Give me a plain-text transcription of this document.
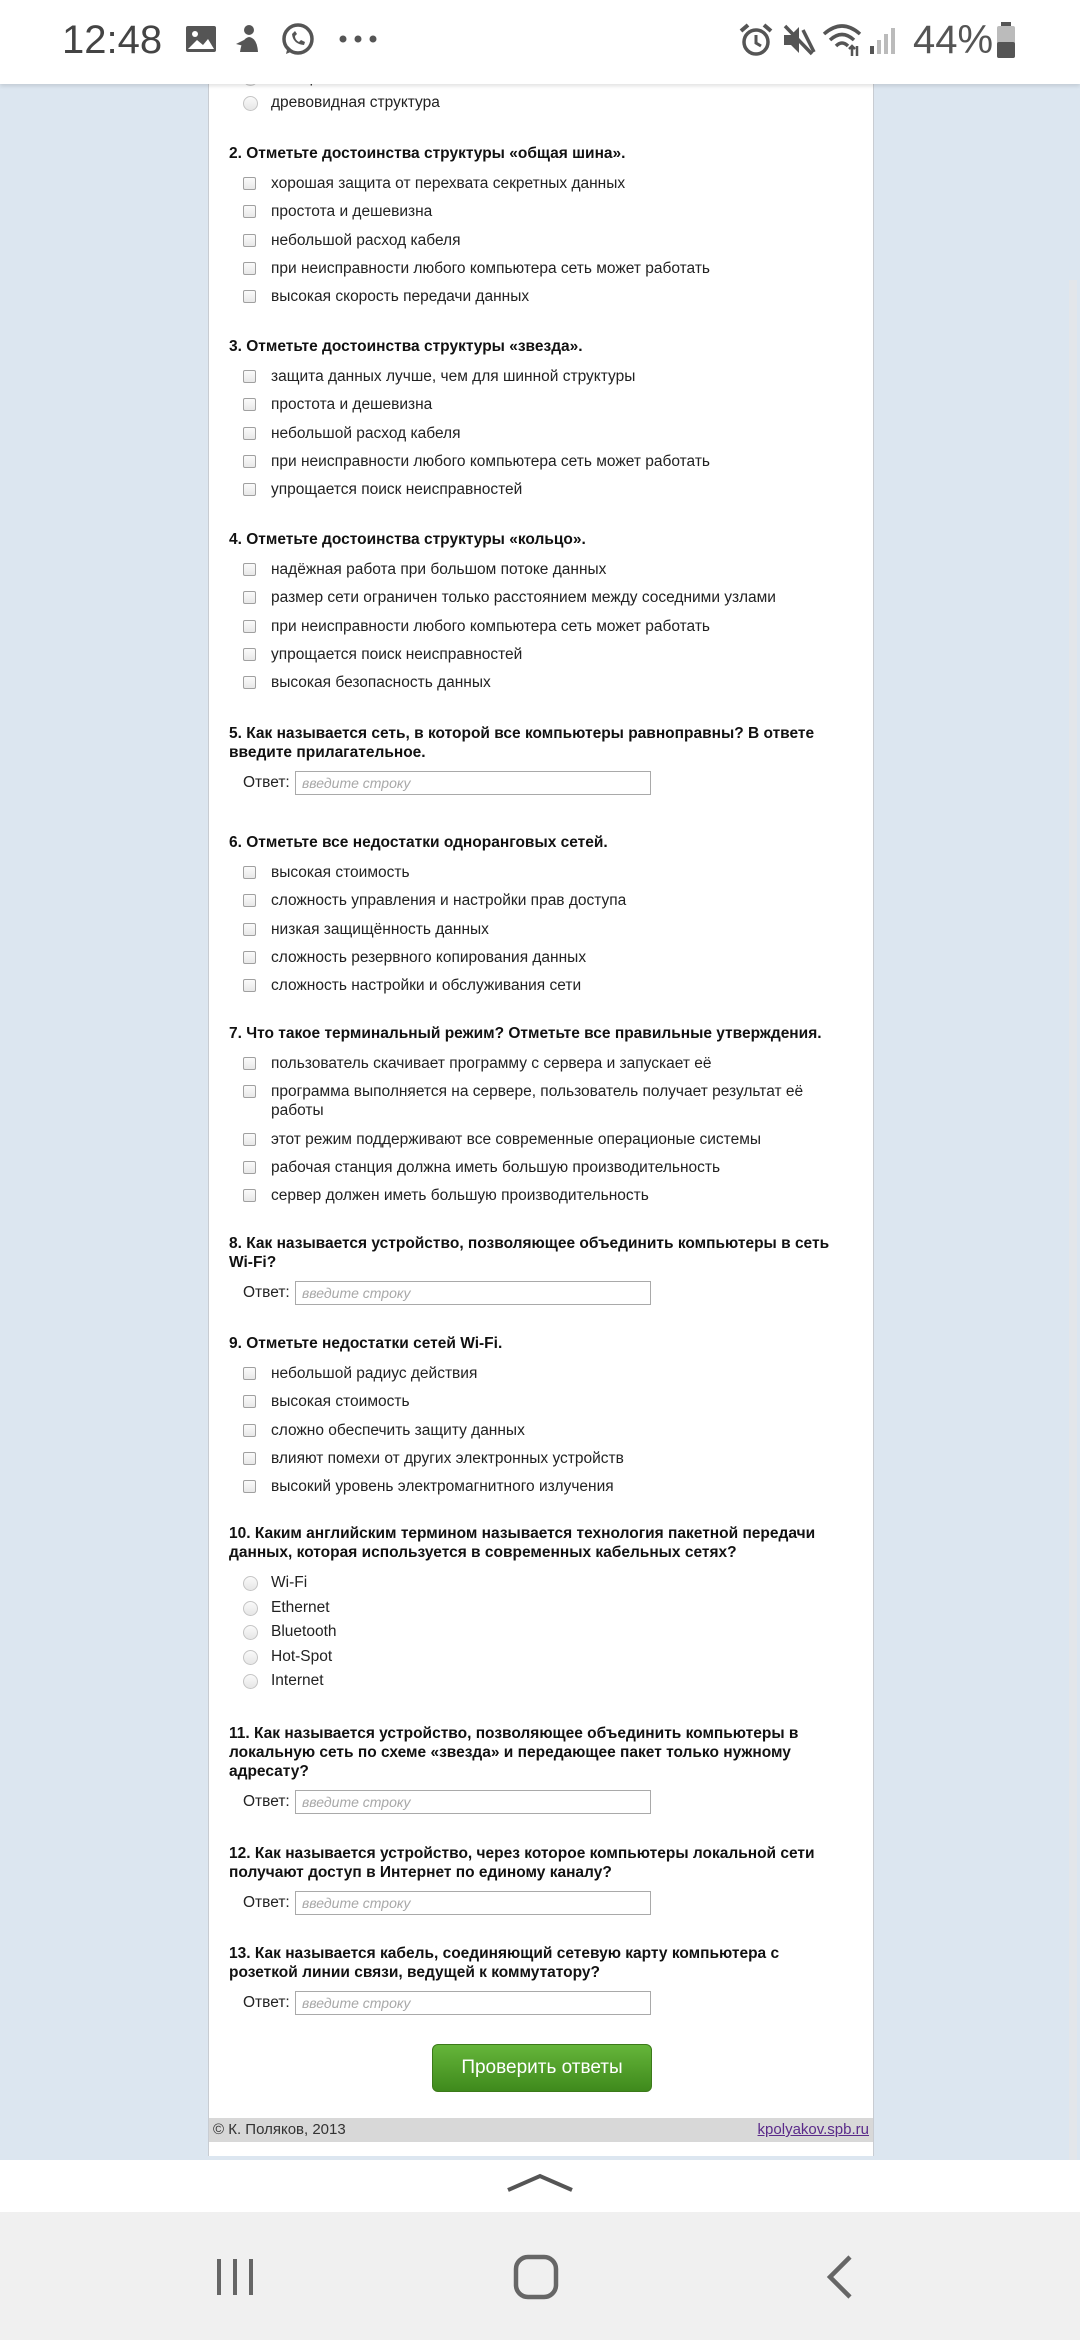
12:48	44%
древовидная структура
2. Отметьте достоинства структуры «общая шина».
хорошая защита от перехвата секретных данных
простота и дешевизна
небольшой расход кабеля
при неисправности любого компьютера сеть может работать
высокая скорость передачи данных
3. Отметьте достоинства структуры «звезда».
защита данных лучше, чем для шинной структуры
простота и дешевизна
небольшой расход кабеля
при неисправности любого компьютера сеть может работать
упрощается поиск неисправностей
4. Отметьте достоинства структуры «кольцо».
надёжная работа при большом потоке данных
размер сети ограничен только расстоянием между соседними узлами
при неисправности любого компьютера сеть может работать
упрощается поиск неисправностей
высокая безопасность данных
5. Как называется сеть, в которой все компьютеры равноправны? В ответе введите прилагательное.
Ответ:
введите строку
6. Отметьте все недостатки одноранговых сетей.
высокая стоимость
сложность управления и настройки прав доступа
низкая защищённость данных
сложность резервного копирования данных
сложность настройки и обслуживания сети
7. Что такое терминальный режим? Отметьте все правильные утверждения.
пользователь скачивает программу с сервера и запускает её
программа выполняется на сервере, пользователь получает результат её работы
этот режим поддерживают все современные операционые системы
рабочая станция должна иметь большую производительность
сервер должен иметь большую производительность
8. Как называется устройство, позволяющее объединить компьютеры в сеть Wi-Fi?
Ответ:
введите строку
9. Отметьте недостатки сетей Wi-Fi.
небольшой радиус действия
высокая стоимость
сложно обеспечить защиту данных
влияют помехи от других электронных устройств
высокий уровень электромагнитного излучения
10. Каким английским термином называется технология пакетной передачи данных, которая используется в современных кабельных сетях?
Wi-Fi
Ethernet
Bluetooth
Hot-Spot
Internet
11. Как называется устройство, позволяющее объединить компьютеры в локальную сеть по схеме «звезда» и передающее пакет только нужному адресату?
Ответ:
введите строку
12. Как называется устройство, через которое компьютеры локальной сети получают доступ в Интернет по единому каналу?
Ответ:
введите строку
13. Как называется кабель, соединяющий сетевую карту компьютера с розеткой линии связи, ведущей к коммутатору?
Ответ:
введите строку
Проверить ответы
© К. Поляков, 2013	kpolyakov.spb.ru
